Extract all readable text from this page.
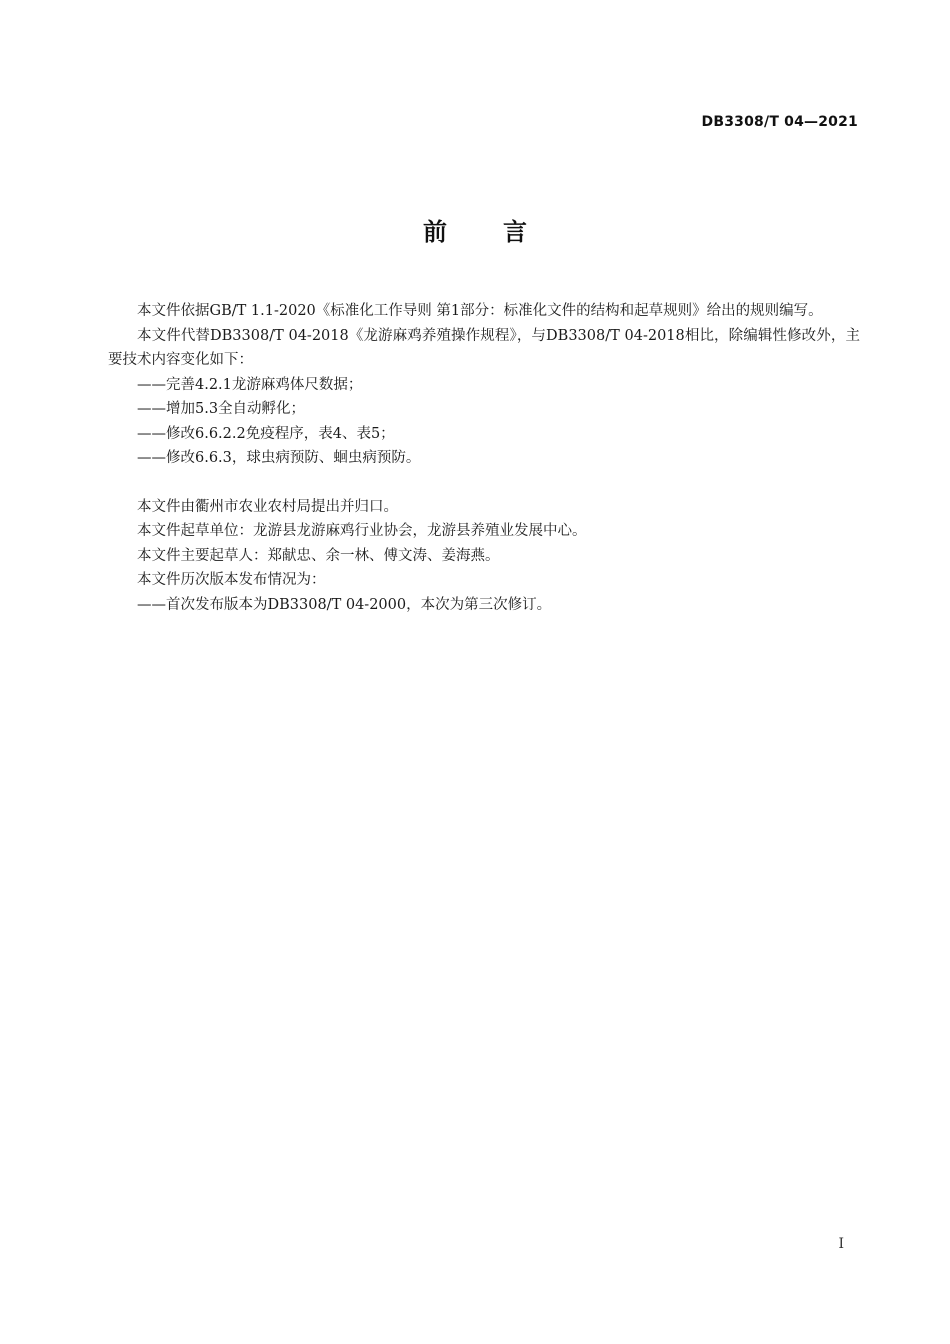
DB3308/T 04—2021
前言

本文件依据GB/T 1.1-2020《标准化工作导则 第1部分：标准化文件的结构和起草规则》给出的规则编写。

本文件代替DB3308/T 04-2018《龙游麻鸡养殖操作规程》，与DB3308/T 04-2018相比，除编辑性修改外，主要技术内容变化如下：

——完善4.2.1龙游麻鸡体尺数据；

——增加5.3全自动孵化；

——修改6.6.2.2免疫程序，表4、表5；

——修改6.6.3，球虫病预防、蛔虫病预防。

本文件由衢州市农业农村局提出并归口。

本文件起草单位：龙游县龙游麻鸡行业协会，龙游县养殖业发展中心。

本文件主要起草人：郑献忠、余一林、傅文涛、姜海燕。

本文件历次版本发布情况为：

——首次发布版本为DB3308/T 04-2000，本次为第三次修订。

I
